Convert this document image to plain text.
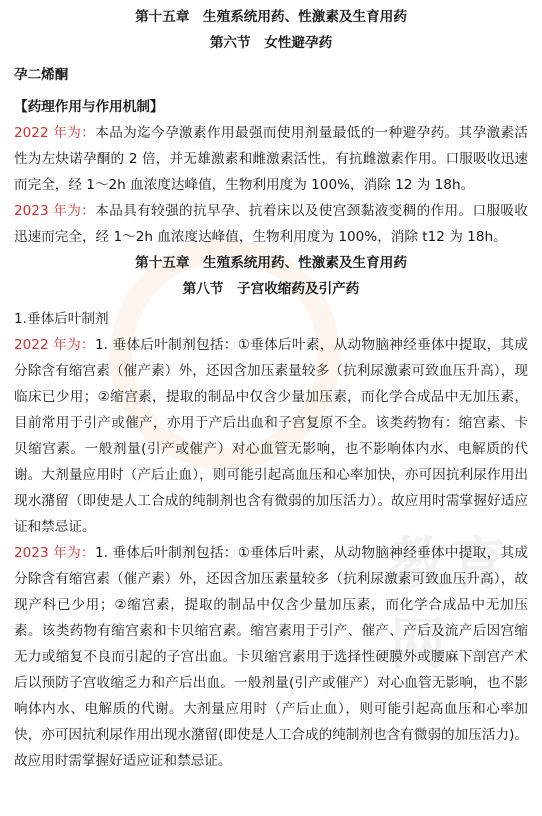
教育网
第十五章　生殖系统用药、性激素及生育用药
第六节　女性避孕药
孕二烯酮
【药理作用与作用机制】
2022 年为：本品为迄今孕激素作用最强而使用剂量最低的一种避孕药。其孕激素活性为左炔诺孕酮的 2 倍，并无雄激素和雌激素活性，有抗雌激素作用。口服吸收迅速而完全，经 1～2h 血浓度达峰值，生物利用度为 100%，消除 12 为 18h。
2023 年为：本品具有较强的抗早孕、抗着床以及使宫颈黏液变稠的作用。口服吸收迅速而完全，经 1～2h 血浓度达峰值，生物利用度为 100%，消除 t12 为 18h。
第十五章　生殖系统用药、性激素及生育用药
第八节　子宫收缩药及引产药
1.垂体后叶制剂
2022 年为：1. 垂体后叶制剂包括：①垂体后叶素，从动物脑神经垂体中提取，其成分除含有缩宫素（催产素）外，还因含加压素量较多（抗利尿激素可致血压升高），现临床已少用；②缩宫素，提取的制品中仅含少量加压素，而化学合成品中无加压素，目前常用于引产或催产，亦用于产后出血和子宫复原不全。该类药物有：缩宫素、卡贝缩宫素。一般剂量(引产或催产）对心血管无影响，也不影响体内水、电解质的代谢。大剂量应用时（产后止血），则可能引起高血压和心率加快，亦可因抗利尿作用出现水潴留（即使是人工合成的纯制剂也含有微弱的加压活力）。故应用时需掌握好适应证和禁忌证。
2023 年为：1. 垂体后叶制剂包括：①垂体后叶素，从动物脑神经垂体中提取，其成分除含有缩宫素（催产素）外，还因含加压素量较多（抗利尿激素可致血压升高），故现产科已少用；②缩宫素，提取的制品中仅含少量加压素，而化学合成品中无加压素。该类药物有缩宫素和卡贝缩宫素。缩宫素用于引产、催产、产后及流产后因宫缩无力或缩复不良而引起的子宫出血。卡贝缩宫素用于选择性硬膜外或腰麻下剖宫产术后以预防子宫收缩乏力和产后出血。一般剂量(引产或催产）对心血管无影响，也不影响体内水、电解质的代谢。大剂量应用时（产后止血），则可能引起高血压和心率加快，亦可因抗利尿作用出现水潴留(即使是人工合成的纯制剂也含有微弱的加压活力)。故应用时需掌握好适应证和禁忌证。
